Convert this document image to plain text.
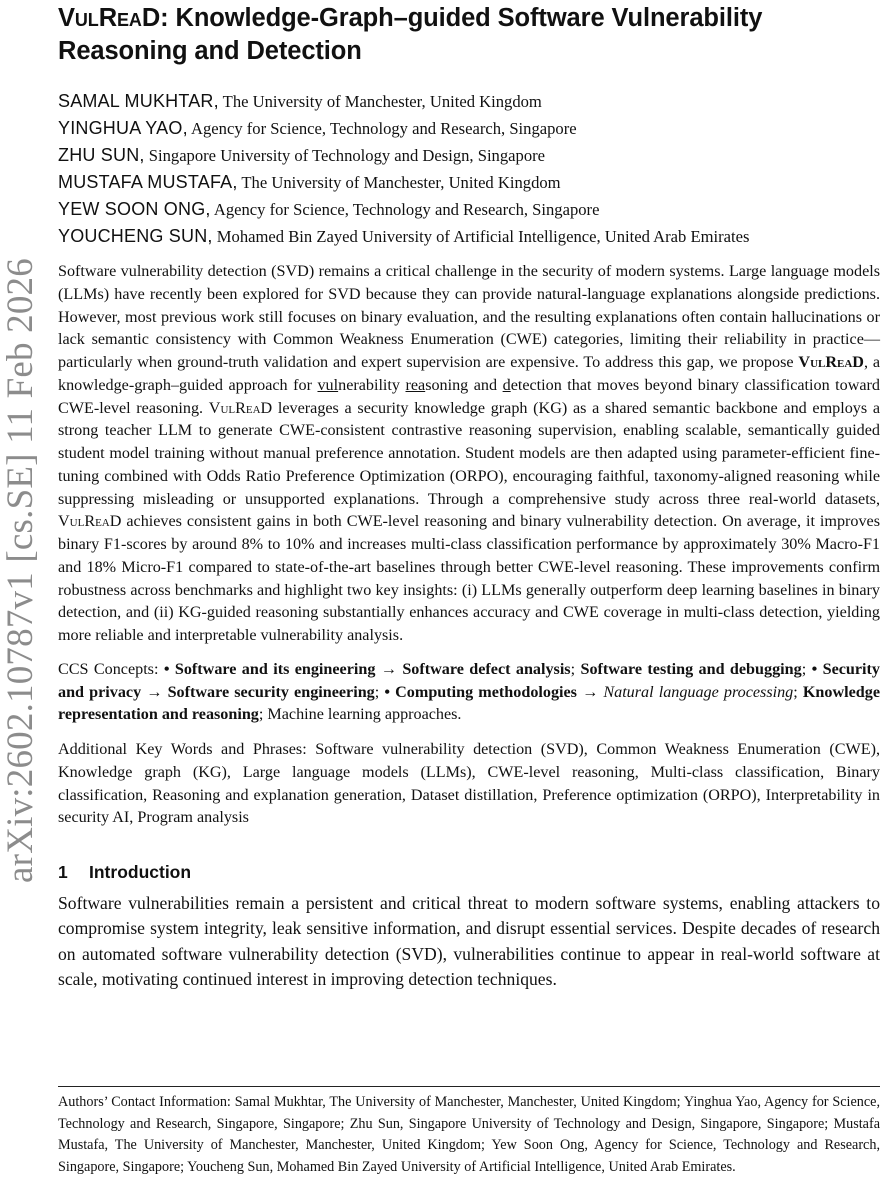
arXiv:2602.10787v1 [cs.SE] 11 Feb 2026
VulReaD: Knowledge-Graph–guided Software Vulnerability Reasoning and Detection
SAMAL MUKHTAR, The University of Manchester, United Kingdom
YINGHUA YAO, Agency for Science, Technology and Research, Singapore
ZHU SUN, Singapore University of Technology and Design, Singapore
MUSTAFA MUSTAFA, The University of Manchester, United Kingdom
YEW SOON ONG, Agency for Science, Technology and Research, Singapore
YOUCHENG SUN, Mohamed Bin Zayed University of Artificial Intelligence, United Arab Emirates

Software vulnerability detection (SVD) remains a critical challenge in the security of modern systems. Large language models (LLMs) have recently been explored for SVD because they can provide natural-language explanations alongside predictions. However, most previous work still focuses on binary evaluation, and the resulting explanations often contain hallucinations or lack semantic consistency with Common Weakness Enumeration (CWE) categories, limiting their reliability in practice—particularly when ground-truth validation and expert supervision are expensive. To address this gap, we propose VulReaD, a knowledge-graph–guided approach for vulnerability reasoning and detection that moves beyond binary classification toward CWE-level reasoning. VulReaD leverages a security knowledge graph (KG) as a shared semantic backbone and employs a strong teacher LLM to generate CWE-consistent contrastive reasoning supervision, enabling scalable, semantically guided student model training without manual preference annotation. Student models are then adapted using parameter-efficient fine-tuning combined with Odds Ratio Preference Optimization (ORPO), encouraging faithful, taxonomy-aligned reasoning while suppressing misleading or unsupported explanations. Through a comprehensive study across three real-world datasets, VulReaD achieves consistent gains in both CWE-level reasoning and binary vulnerability detection. On average, it improves binary F1-scores by around 8% to 10% and increases multi-class classification performance by approximately 30% Macro-F1 and 18% Micro-F1 compared to state-of-the-art baselines through better CWE-level reasoning. These improvements confirm robustness across benchmarks and highlight two key insights: (i) LLMs generally outperform deep learning baselines in binary detection, and (ii) KG-guided reasoning substantially enhances accuracy and CWE coverage in multi-class detection, yielding more reliable and interpretable vulnerability analysis.

CCS Concepts: • Software and its engineering → Software defect analysis; Software testing and debugging; • Security and privacy → Software security engineering; • Computing methodologies → Natural language processing; Knowledge representation and reasoning; Machine learning approaches.
Additional Key Words and Phrases: Software vulnerability detection (SVD), Common Weakness Enumeration (CWE), Knowledge graph (KG), Large language models (LLMs), CWE-level reasoning, Multi-class classification, Binary classification, Reasoning and explanation generation, Dataset distillation, Preference optimization (ORPO), Interpretability in security AI, Program analysis
1 Introduction
Software vulnerabilities remain a persistent and critical threat to modern software systems, enabling attackers to compromise system integrity, leak sensitive information, and disrupt essential services. Despite decades of research on automated software vulnerability detection (SVD), vulnerabilities continue to appear in real-world software at scale, motivating continued interest in improving detection techniques.

Authors’ Contact Information: Samal Mukhtar, The University of Manchester, Manchester, United Kingdom; Yinghua Yao, Agency for Science, Technology and Research, Singapore, Singapore; Zhu Sun, Singapore University of Technology and Design, Singapore, Singapore; Mustafa Mustafa, The University of Manchester, Manchester, United Kingdom; Yew Soon Ong, Agency for Science, Technology and Research, Singapore, Singapore; Youcheng Sun, Mohamed Bin Zayed University of Artificial Intelligence, United Arab Emirates.
